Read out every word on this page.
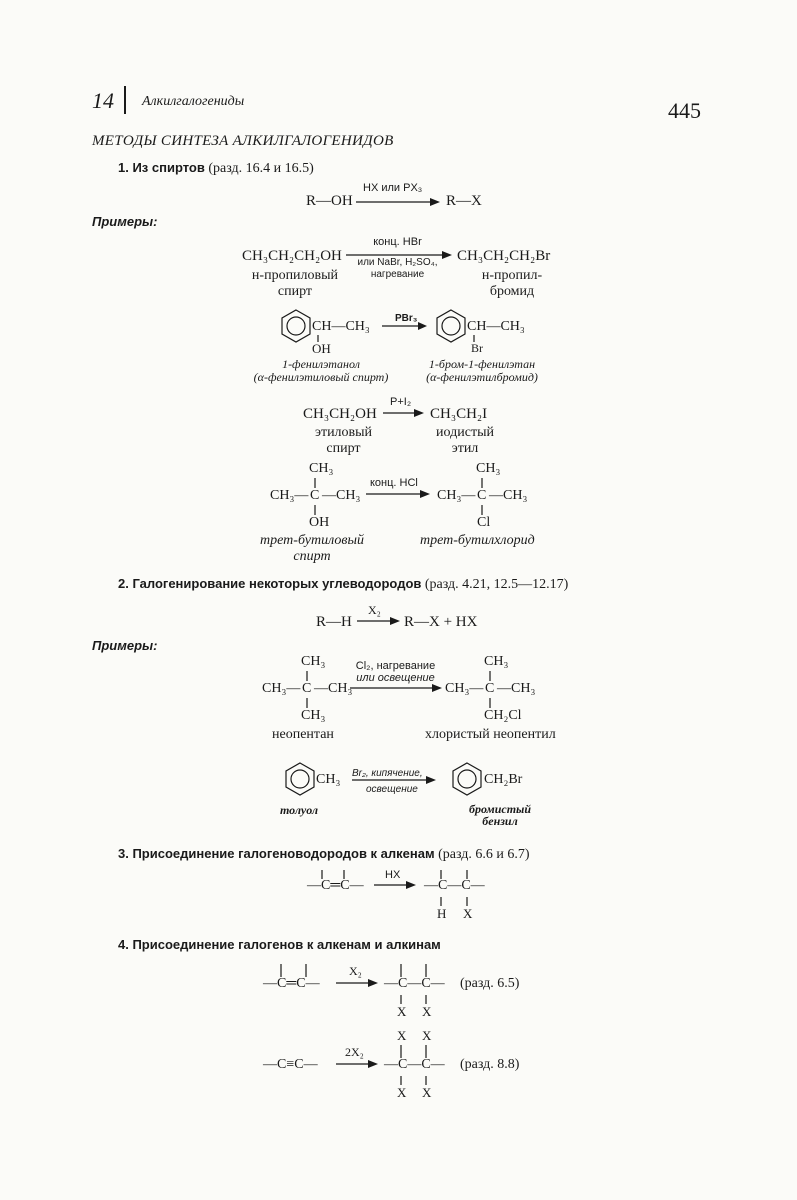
14 Алкилгалогениды	445
МЕТОДЫ СИНТЕЗА АЛКИЛГАЛОГЕНИДОВ
1. Из спиртов (разд. 16.4 и 16.5)
R—OH
HX или PX₃
R—X
Примеры:
CH₃CH₂CH₂OH
н-пропиловый
спирт
конц. HBr
или NaBr, H₂SO₄,
нагревание
CH₃CH₂CH₂Br
н-пропил-
бромид
CH—CH₃
OH
PBr₃
CH—CH₃
Br
1-фенилэтанол
(α-фенилэтиловый спирт)
1-бром-1-фенилэтан
(α-фенилэтилбромид)
CH₃CH₂OH
этиловый
спирт
P+I₂
CH₃CH₂I
иодистый
этил
CH₃
CH₃— C —CH₃
OH
трет-бутиловый
спирт
конц. HCl
CH₃
CH₃— C —CH₃
Cl
трет-бутилхлорид
2. Галогенирование некоторых углеводородов (разд. 4.21, 12.5—12.17)
R—H
X₂
R—X + HX
Примеры:
CH₃
CH₃— C —CH₃
CH₃
неопентан
Cl₂, нагревание
или освещение
CH₃
CH₃— C —CH₃
CH₂Cl
хлористый неопентил
CH₃
толуол
Br₂, кипячение,
освещение
CH₂Br
бромистый
бензил
3. Присоединение галогеноводородов к алкенам (разд. 6.6 и 6.7)
—C═C—
HX
—C—C—
H X
4. Присоединение галогенов к алкенам и алкинам
—C═C—
X₂
—C—C—
X X
(разд. 6.5)
X X
—C≡C—
2X₂
—C—C—
X X
(разд. 8.8)
